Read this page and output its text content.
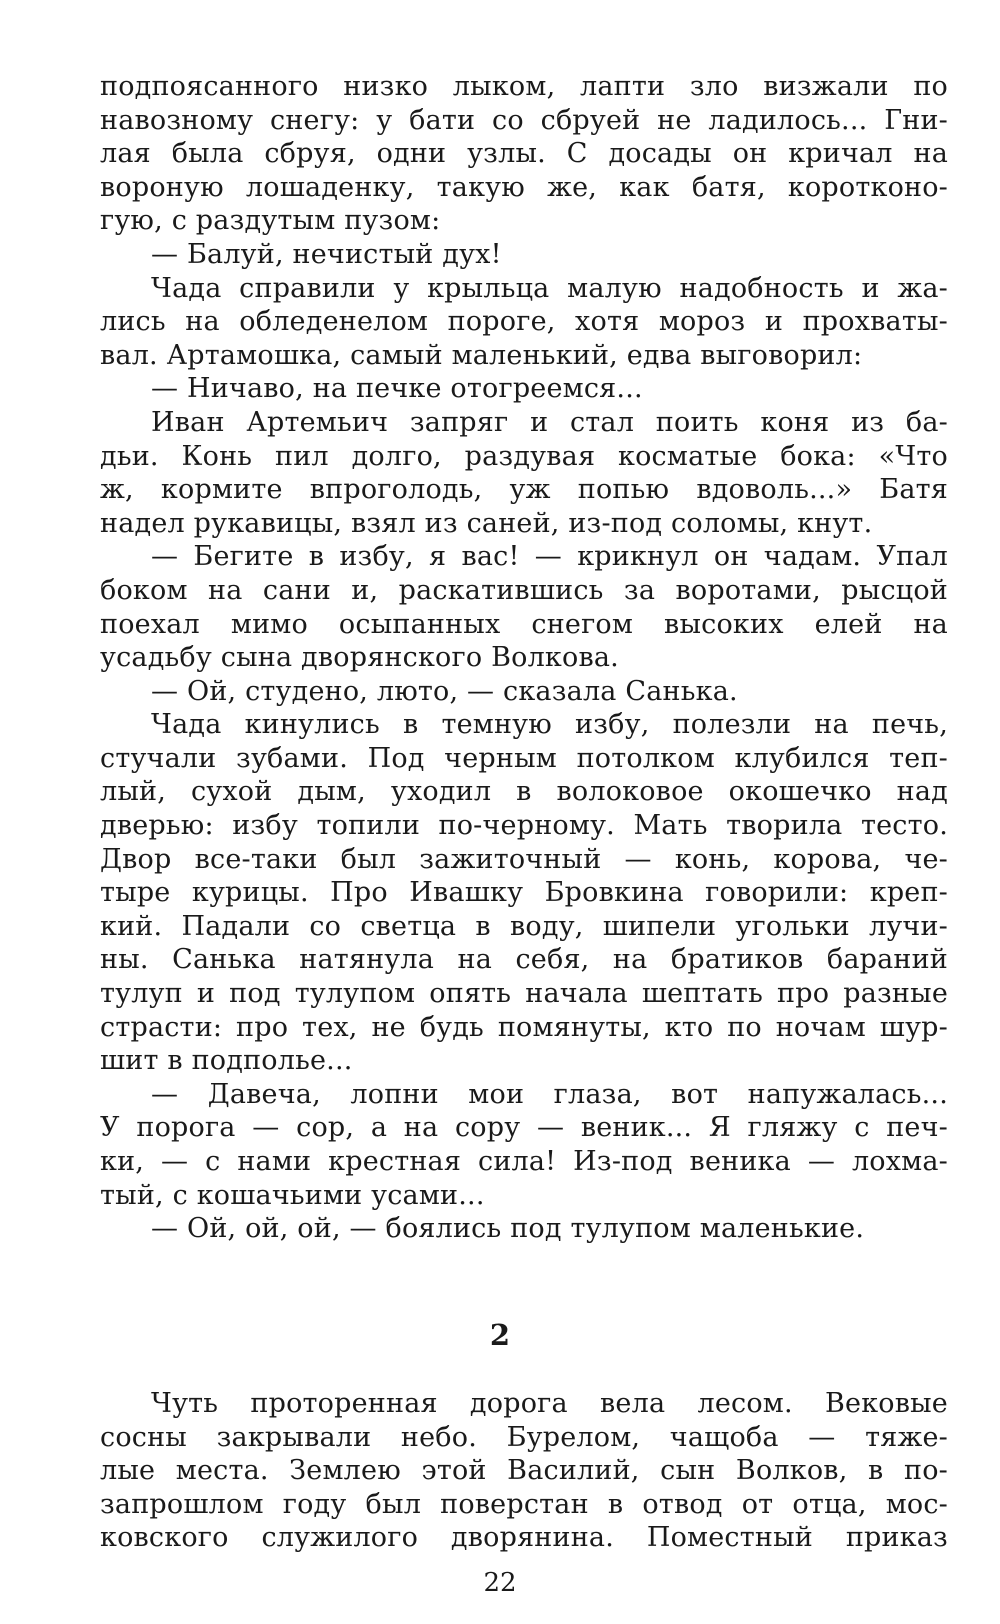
подпоясанного низко лыком, лапти зло визжали по
навозному снегу: у бати со сбруей не ладилось... Гни-
лая была сбруя, одни узлы. С досады он кричал на
вороную лошаденку, такую же, как батя, коротконо-
гую, с раздутым пузом:
— Балуй, нечистый дух!
Чада справили у крыльца малую надобность и жа-
лись на обледенелом пороге, хотя мороз и прохваты-
вал. Артамошка, самый маленький, едва выговорил:
— Ничаво, на печке отогреемся...
Иван Артемьич запряг и стал поить коня из ба-
дьи. Конь пил долго, раздувая косматые бока: «Что
ж, кормите впроголодь, уж попью вдоволь...» Батя
надел рукавицы, взял из саней, из-под соломы, кнут.
— Бегите в избу, я вас! — крикнул он чадам. Упал
боком на сани и, раскатившись за воротами, рысцой
поехал мимо осыпанных снегом высоких елей на
усадьбу сына дворянского Волкова.
— Ой, студено, люто, — сказала Санька.
Чада кинулись в темную избу, полезли на печь,
стучали зубами. Под черным потолком клубился теп-
лый, сухой дым, уходил в волоковое окошечко над
дверью: избу топили по-черному. Мать творила тесто.
Двор все-таки был зажиточный — конь, корова, че-
тыре курицы. Про Ивашку Бровкина говорили: креп-
кий. Падали со светца в воду, шипели угольки лучи-
ны. Санька натянула на себя, на братиков бараний
тулуп и под тулупом опять начала шептать про разные
страсти: про тех, не будь помянуты, кто по ночам шур-
шит в подполье...
— Давеча, лопни мои глаза, вот напужалась...
У порога — сор, а на сору — веник... Я гляжу с печ-
ки, — с нами крестная сила! Из-под веника — лохма-
тый, с кошачьими усами...
— Ой, ой, ой, — боялись под тулупом маленькие.
2
Чуть проторенная дорога вела лесом. Вековые
сосны закрывали небо. Бурелом, чащоба — тяже-
лые места. Землею этой Василий, сын Волков, в по-
запрошлом году был поверстан в отвод от отца, мос-
ковского служилого дворянина. Поместный приказ
22
